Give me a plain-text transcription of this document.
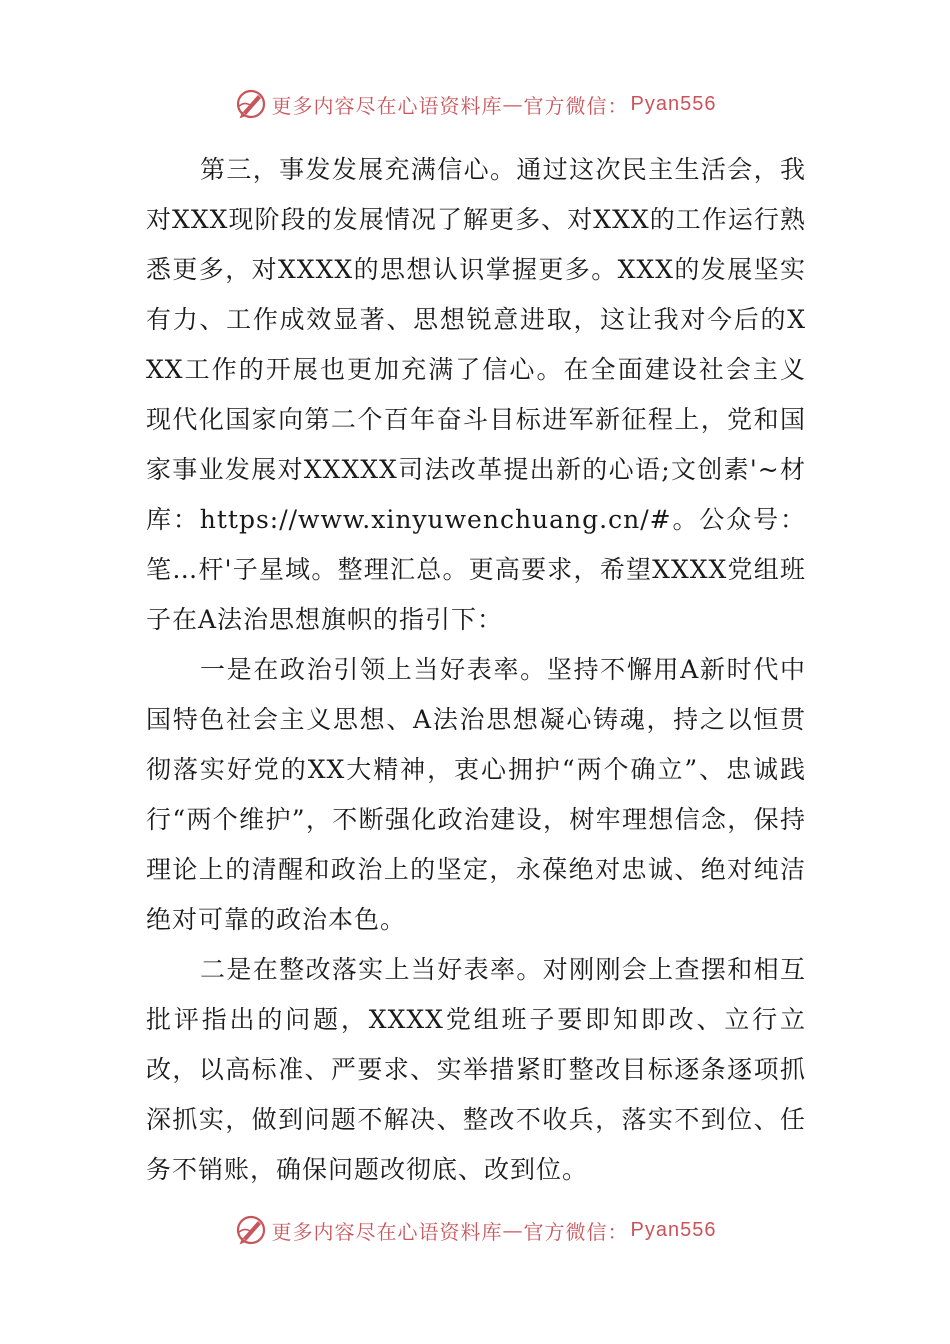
更多内容尽在心语资料库 — 官方微信： Pyan556

第三，事发发展充满信心。通过这次民主生活会，我对XXX现阶段的发展情况了解更多、对XXX的工作运行熟悉更多，对XXXX的思想认识掌握更多。XXX的发展坚实有力、工作成效显著、思想锐意进取，这让我对今后的XXX工作的开展也更加充满了信心。在全面建设社会主义现代化国家向第二个百年奋斗目标进军新征程上，党和国家事业发展对XXXXX司法改革提出新的心语;文创素'~材库：https://www.xinyuwenchuang.cn/#。公众号：笔…杆'子星域。整理汇总。更高要求，希望XXXX党组班子在A法治思想旗帜的指引下：

一是在政治引领上当好表率。坚持不懈用A新时代中国特色社会主义思想、A法治思想凝心铸魂，持之以恒贯彻落实好党的XX大精神，衷心拥护“两个确立”、忠诚践行“两个维护”，不断强化政治建设，树牢理想信念，保持理论上的清醒和政治上的坚定，永葆绝对忠诚、绝对纯洁绝对可靠的政治本色。

二是在整改落实上当好表率。对刚刚会上查摆和相互批评指出的问题，XXXX党组班子要即知即改、立行立改，以高标准、严要求、实举措紧盯整改目标逐条逐项抓深抓实，做到问题不解决、整改不收兵，落实不到位、任务不销账，确保问题改彻底、改到位。

更多内容尽在心语资料库 — 官方微信： Pyan556
